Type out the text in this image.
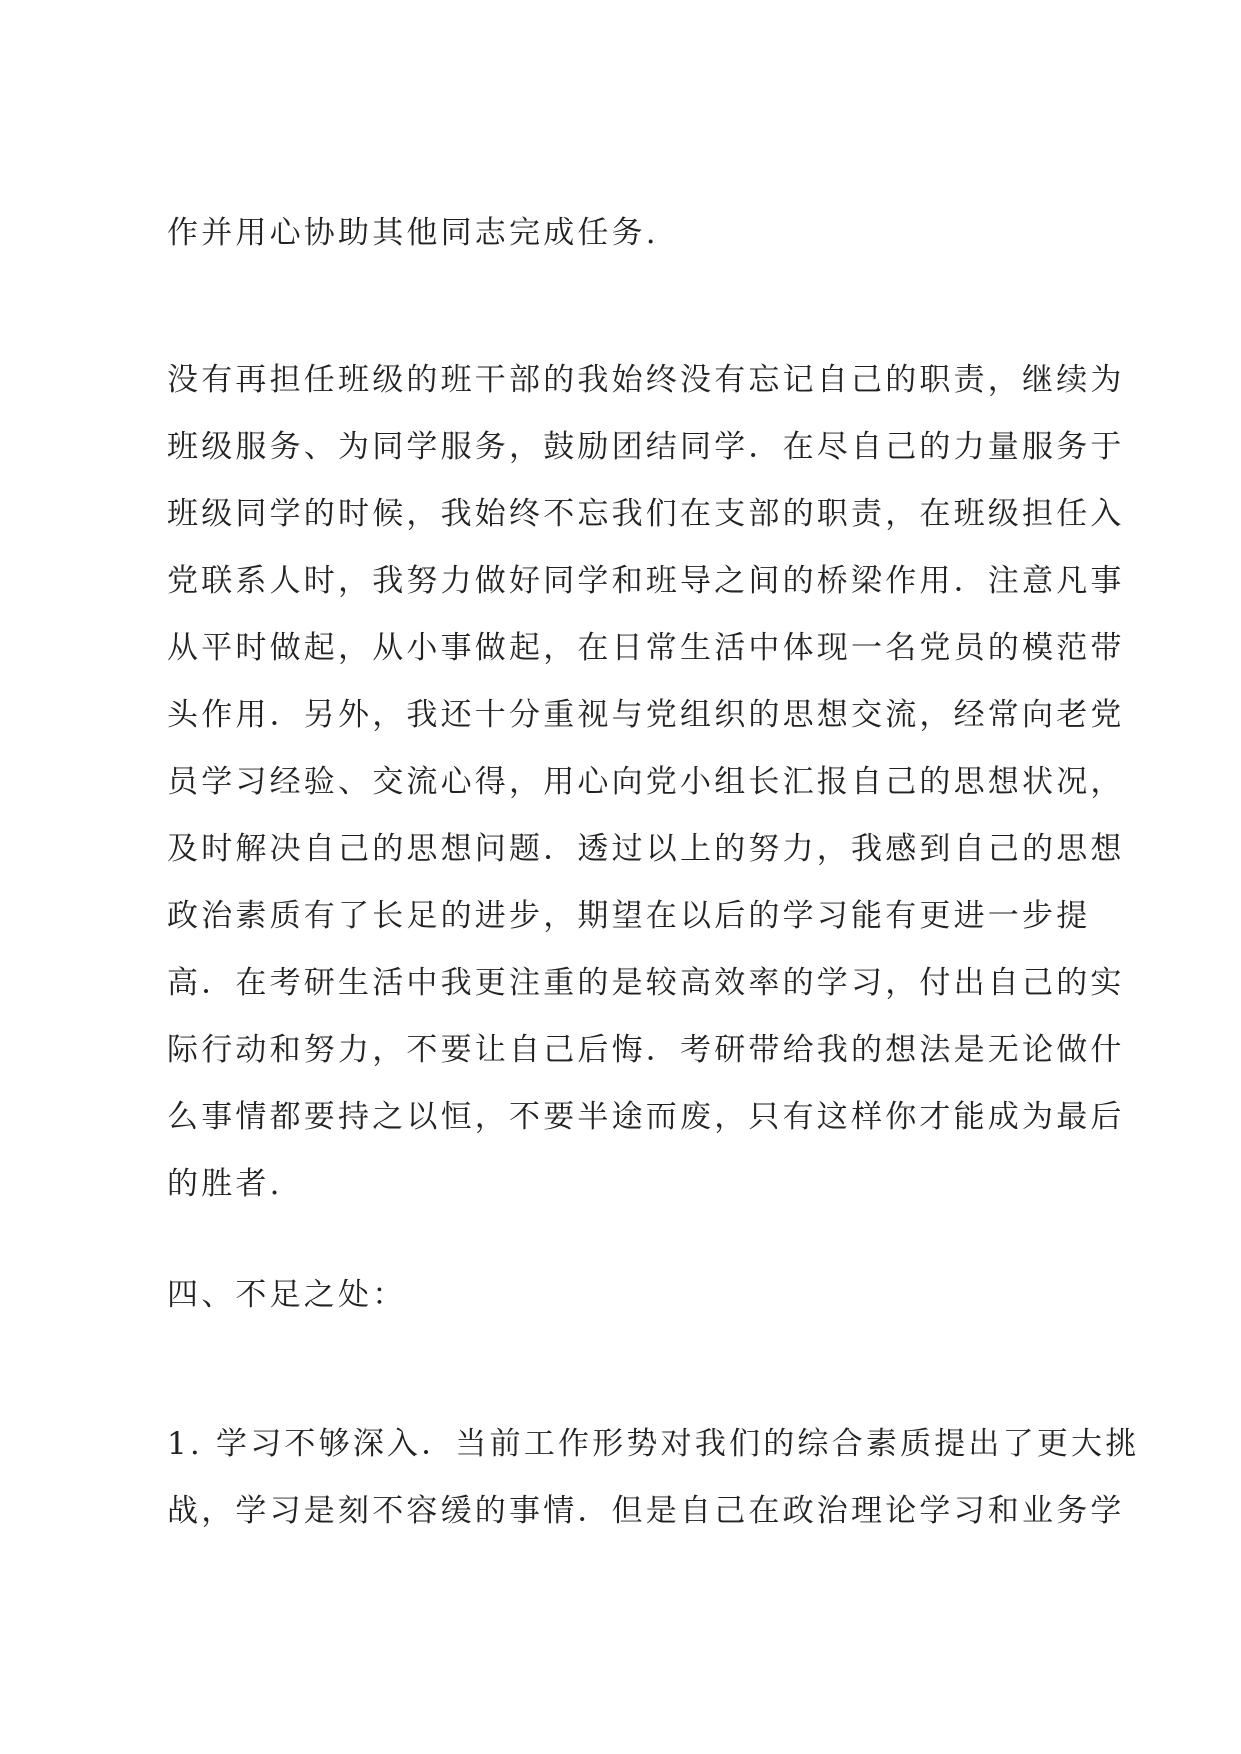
作并用心协助其他同志完成任务.
没有再担任班级的班干部的我始终没有忘记自己的职责，继续为
班级服务、为同学服务，鼓励团结同学．在尽自己的力量服务于
班级同学的时候，我始终不忘我们在支部的职责，在班级担任入
党联系人时，我努力做好同学和班导之间的桥梁作用．注意凡事
从平时做起，从小事做起，在日常生活中体现一名党员的模范带
头作用．另外，我还十分重视与党组织的思想交流，经常向老党
员学习经验、交流心得，用心向党小组长汇报自己的思想状况，
及时解决自己的思想问题．透过以上的努力，我感到自己的思想
政治素质有了长足的进步，期望在以后的学习能有更进一步提
高．在考研生活中我更注重的是较高效率的学习，付出自己的实
际行动和努力，不要让自己后悔．考研带给我的想法是无论做什
么事情都要持之以恒，不要半途而废，只有这样你才能成为最后
的胜者.
四、不足之处：
1. 学习不够深入．当前工作形势对我们的综合素质提出了更大挑
战，学习是刻不容缓的事情．但是自己在政治理论学习和业务学
